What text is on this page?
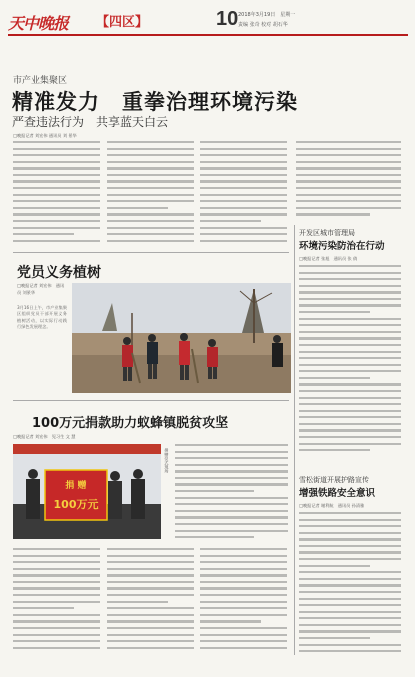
天中晚报 【四区】	10 2018年3月19日　星期一
责编 张奇 校对 胡石华
市产业集聚区
精准发力　重拳治理环境污染
严查违法行为　共享蓝天白云
□晚报记者 刘宏伟 通讯员 刘 景华
党员义务植树
□晚报记者 刘宏伟　通讯员 刘景华
3月16日上午，市产业集聚区组织党员干部开展义务植树活动，以实际行动践行绿色发展理念。
开发区城市管理局
环境污染防治在行动
□晚报记者 张旭　通讯员 张 倩
雪松街道开展护路宣传
增强铁路安全意识
□晚报记者 谢利航　通讯员 孙清雅
100万元捐款助力蚁蜂镇脱贫攻坚
□晚报记者 刘宏伟　见习生 文 慧
捐 赠
100万元
捐赠仪式现场
